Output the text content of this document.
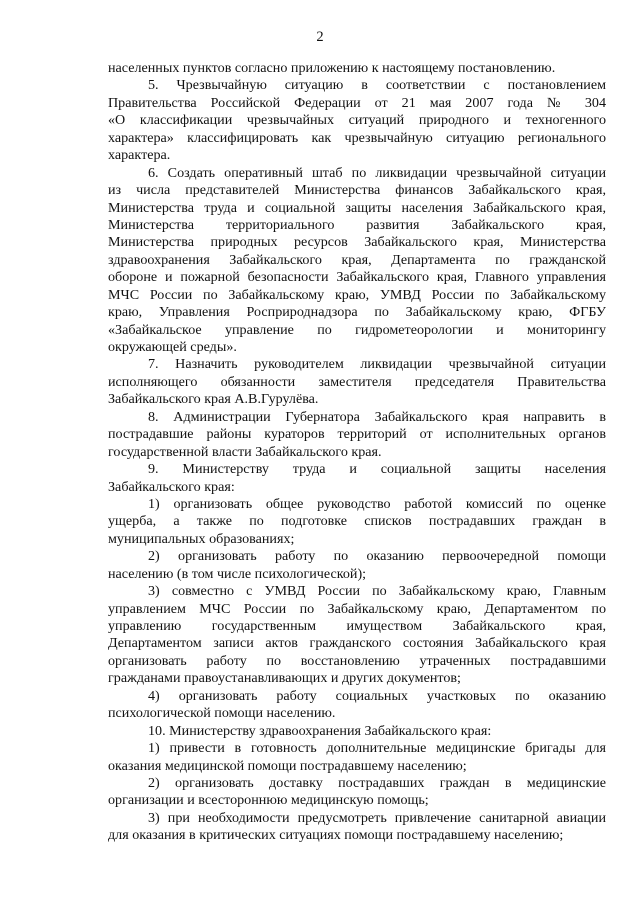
2
населенных пунктов согласно приложению к настоящему постановлению.
5. Чрезвычайную ситуацию в соответствии с постановлением
Правительства Российской Федерации от 21 мая 2007 года № 304
«О классификации чрезвычайных ситуаций природного и техногенного
характера» классифицировать как чрезвычайную ситуацию регионального
характера.
6. Создать оперативный штаб по ликвидации чрезвычайной ситуации
из числа представителей Министерства финансов Забайкальского края,
Министерства труда и социальной защиты населения Забайкальского края,
Министерства территориального развития Забайкальского края,
Министерства природных ресурсов Забайкальского края, Министерства
здравоохранения Забайкальского края, Департамента по гражданской
обороне и пожарной безопасности Забайкальского края, Главного управления
МЧС России по Забайкальскому краю, УМВД России по Забайкальскому
краю, Управления Росприроднадзора по Забайкальскому краю, ФГБУ
«Забайкальское управление по гидрометеорологии и мониторингу
окружающей среды».
7. Назначить руководителем ликвидации чрезвычайной ситуации
исполняющего обязанности заместителя председателя Правительства
Забайкальского края А.В.Гурулёва.
8. Администрации Губернатора Забайкальского края направить в
пострадавшие районы кураторов территорий от исполнительных органов
государственной власти Забайкальского края.
9. Министерству труда и социальной защиты населения
Забайкальского края:
1) организовать общее руководство работой комиссий по оценке
ущерба, а также по подготовке списков пострадавших граждан в
муниципальных образованиях;
2) организовать работу по оказанию первоочередной помощи
населению (в том числе психологической);
3) совместно с УМВД России по Забайкальскому краю, Главным
управлением МЧС России по Забайкальскому краю, Департаментом по
управлению государственным имуществом Забайкальского края,
Департаментом записи актов гражданского состояния Забайкальского края
организовать работу по восстановлению утраченных пострадавшими
гражданами правоустанавливающих и других документов;
4) организовать работу социальных участковых по оказанию
психологической помощи населению.
10. Министерству здравоохранения Забайкальского края:
1) привести в готовность дополнительные медицинские бригады для
оказания медицинской помощи пострадавшему населению;
2) организовать доставку пострадавших граждан в медицинские
организации и всестороннюю медицинскую помощь;
3) при необходимости предусмотреть привлечение санитарной авиации
для оказания в критических ситуациях помощи пострадавшему населению;
